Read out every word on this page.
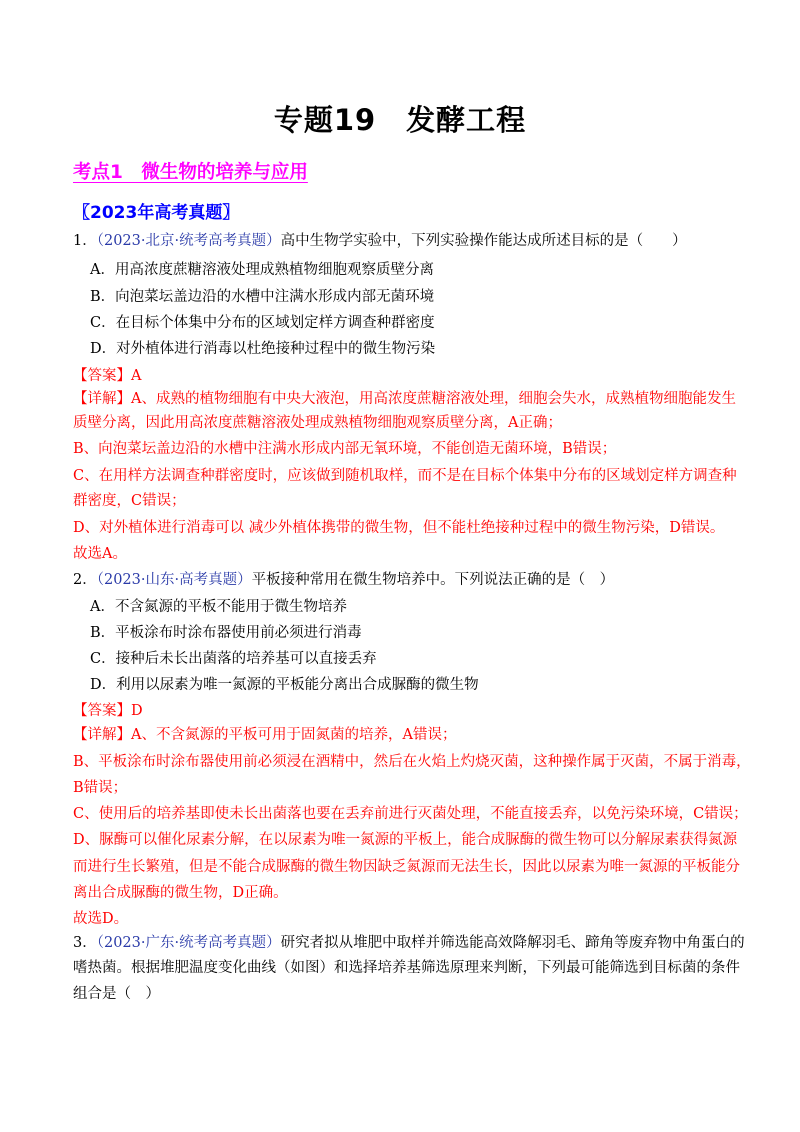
专题19　发酵工程
考点1　微生物的培养与应用
〖2023年高考真题〗
1．（2023·北京·统考高考真题）高中生物学实验中，下列实验操作能达成所述目标的是（　　）
A．用高浓度蔗糖溶液处理成熟植物细胞观察质壁分离
B．向泡菜坛盖边沿的水槽中注满水形成内部无菌环境
C．在目标个体集中分布的区域划定样方调查种群密度
D．对外植体进行消毒以杜绝接种过程中的微生物污染
【答案】A
【详解】A、成熟的植物细胞有中央大液泡，用高浓度蔗糖溶液处理，细胞会失水，成熟植物细胞能发生
质壁分离，因此用高浓度蔗糖溶液处理成熟植物细胞观察质壁分离，A正确；
B、向泡菜坛盖边沿的水槽中注满水形成内部无氧环境，不能创造无菌环境，B错误；
C、在用样方法调查种群密度时，应该做到随机取样，而不是在目标个体集中分布的区域划定样方调查种
群密度，C错误；
D、对外植体进行消毒可以 减少外植体携带的微生物，但不能杜绝接种过程中的微生物污染，D错误。
故选A。
2．（2023·山东·高考真题）平板接种常用在微生物培养中。下列说法正确的是（　）
A．不含氮源的平板不能用于微生物培养
B．平板涂布时涂布器使用前必须进行消毒
C．接种后未长出菌落的培养基可以直接丢弃
D．利用以尿素为唯一氮源的平板能分离出合成脲酶的微生物
【答案】D
【详解】A、不含氮源的平板可用于固氮菌的培养，A错误；
B、平板涂布时涂布器使用前必须浸在酒精中，然后在火焰上灼烧灭菌，这种操作属于灭菌，不属于消毒，
B错误；
C、使用后的培养基即使未长出菌落也要在丢弃前进行灭菌处理，不能直接丢弃，以免污染环境，C错误；
D、脲酶可以催化尿素分解，在以尿素为唯一氮源的平板上，能合成脲酶的微生物可以分解尿素获得氮源
而进行生长繁殖，但是不能合成脲酶的微生物因缺乏氮源而无法生长，因此以尿素为唯一氮源的平板能分
离出合成脲酶的微生物，D正确。
故选D。
3．（2023·广东·统考高考真题）研究者拟从堆肥中取样并筛选能高效降解羽毛、蹄角等废弃物中角蛋白的
嗜热菌。根据堆肥温度变化曲线（如图）和选择培养基筛选原理来判断，下列最可能筛选到目标菌的条件
组合是（　）
